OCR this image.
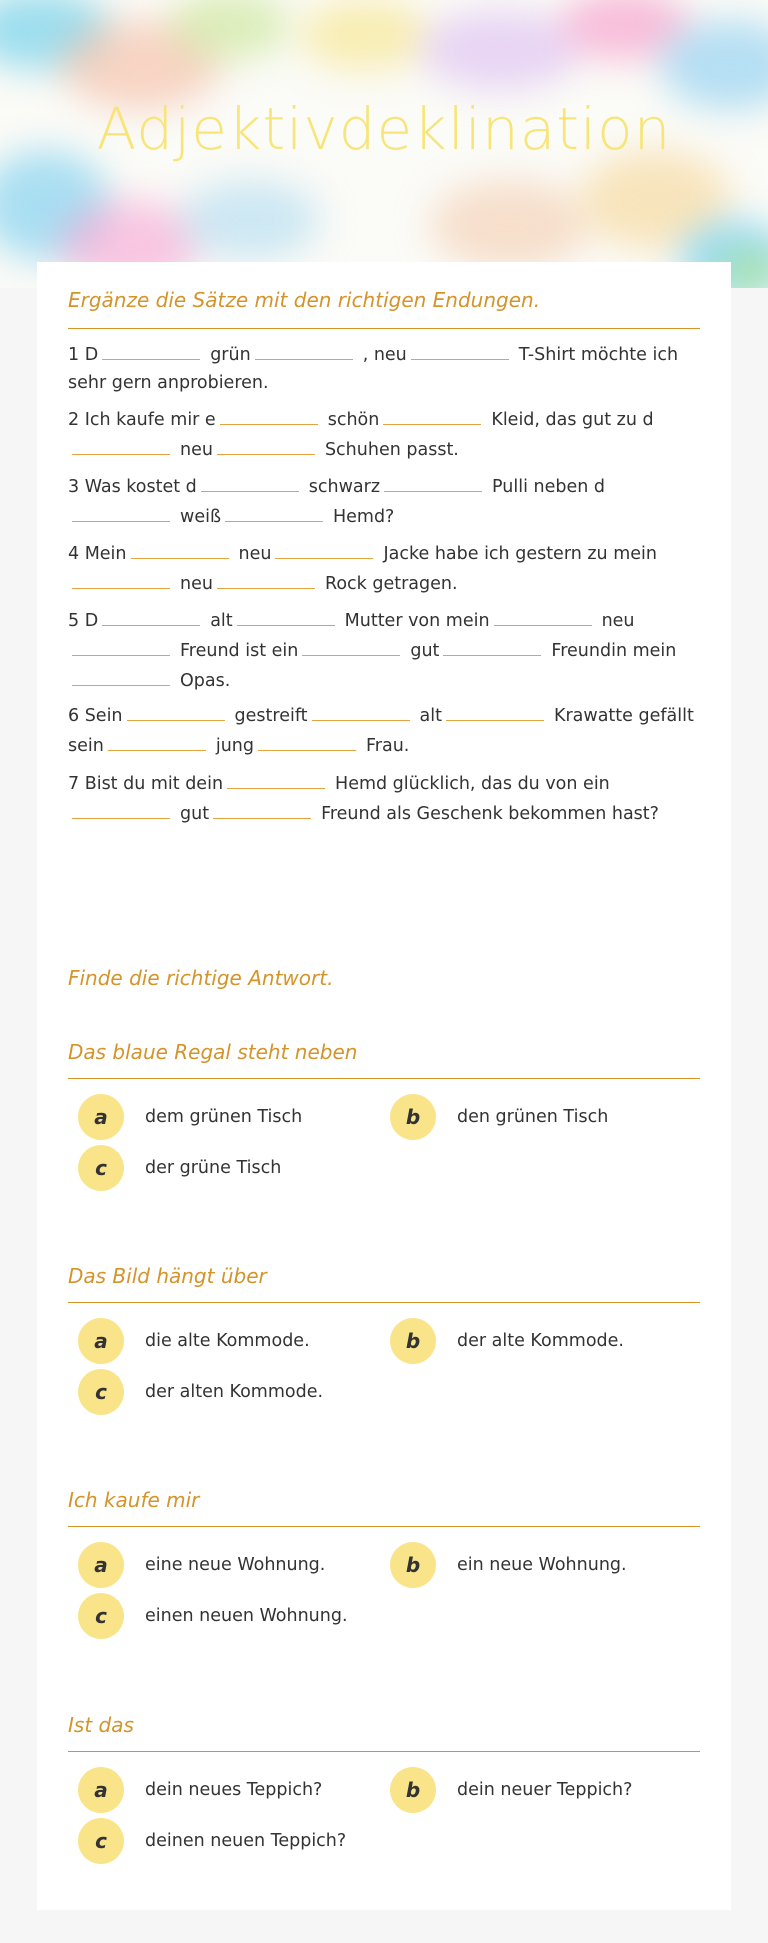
Adjektivdeklination
Ergänze die Sätze mit den richtigen Endungen.
1 D	grün	, neu	T-Shirt möchte ich sehr gern anprobieren.
2 Ich kaufe mir e	schön	Kleid, das gut zu d neu	Schuhen passt.
3 Was kostet d	schwarz	Pulli neben d weiß	Hemd?
4 Mein	neu	Jacke habe ich gestern zu mein neu	Rock getragen.
5 D	alt	Mutter von mein	neu Freund ist ein	gut	Freundin mein Opas.
6 Sein	gestreift	alt	Krawatte gefällt sein	jung	Frau.
7 Bist du mit dein	Hemd glücklich, das du von eingut	Freund als Geschenk bekommen hast?
Finde die richtige Antwort.
Das blaue Regal steht neben
a	dem grünen Tisch	b	den grünen Tisch
c	der grüne Tisch
Das Bild hängt über
a	die alte Kommode.	b	der alte Kommode.
c	der alten Kommode.
Ich kaufe mir
a	eine neue Wohnung.	b	ein neue Wohnung.
c	einen neuen Wohnung.
Ist das
a	dein neues Teppich?	b	dein neuer Teppich?
c	deinen neuen Teppich?
